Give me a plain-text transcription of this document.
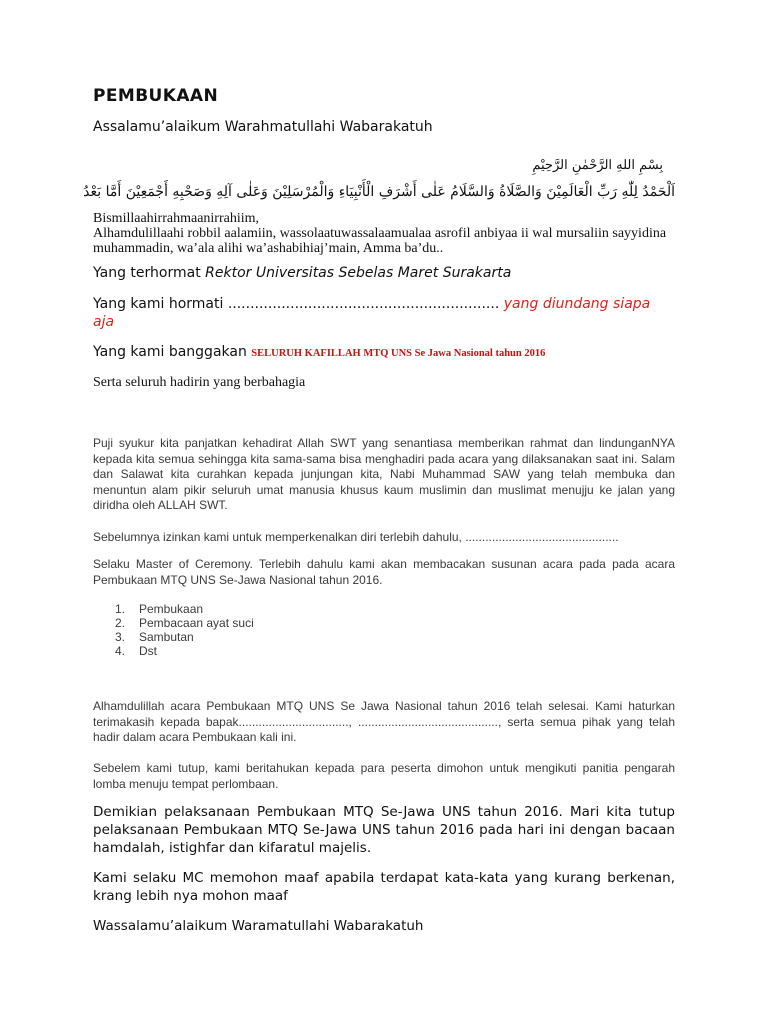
PEMBUKAAN

Assalamu’alaikum Warahmatullahi Wabarakatuh

بِسْمِ اللهِ الرَّحْمٰنِ الرَّحِيْمِ

اَلْحَمْدُ لِلّٰهِ رَبِّ الْعَالَمِيْنَ وَالصَّلَاةُ وَالسَّلَامُ عَلٰى أَشْرَفِ الْأَنْبِيَاءِ وَالْمُرْسَلِيْنَ وَعَلٰى آلِهِ وَصَحْبِهِ أَجْمَعِيْنَ أَمَّا بَعْدُ

Bismillaahirrahmaanirrahiim,
Alhamdulillaahi robbil aalamiin, wassolaatuwassalaamualaa asrofil anbiyaa ii wal mursaliin sayyidina
muhammadin, wa’ala alihi wa’ashabihiaj’main, Amma ba’du..

Yang terhormat Rektor Universitas Sebelas Maret Surakarta

Yang kami hormati ............................................................. yang diundang siapa
aja

Yang kami banggakan SELURUH KAFILLAH MTQ UNS Se Jawa Nasional tahun 2016

Serta seluruh hadirin yang berbahagia

Puji syukur kita panjatkan kehadirat Allah SWT yang senantiasa memberikan rahmat dan lindunganNYA kepada kita semua sehingga kita sama-sama bisa menghadiri pada acara yang dilaksanakan saat ini. Salam dan Salawat kita curahkan kepada junjungan kita, Nabi Muhammad SAW yang telah membuka dan menuntun alam pikir seluruh umat manusia khusus kaum muslimin dan muslimat menujju ke jalan yang diridha oleh ALLAH SWT.

Sebelumnya izinkan kami untuk memperkenalkan diri terlebih dahulu, ..............................................

Selaku Master of Ceremony. Terlebih dahulu kami akan membacakan susunan acara pada pada acara Pembukaan MTQ UNS Se-Jawa Nasional tahun 2016.

1. Pembukaan
2. Pembacaan ayat suci
3. Sambutan
4. Dst

Alhamdulillah acara Pembukaan MTQ UNS Se Jawa Nasional tahun 2016 telah selesai. Kami haturkan terimakasih kepada bapak................................., .........................................., serta semua pihak yang telah hadir dalam acara Pembukaan kali ini.

Sebelem kami tutup, kami beritahukan kepada para peserta dimohon untuk mengikuti panitia pengarah lomba menuju tempat perlombaan.

Demikian pelaksanaan Pembukaan MTQ Se-Jawa UNS tahun 2016. Mari kita tutup pelaksanaan Pembukaan MTQ Se-Jawa UNS tahun 2016 pada hari ini dengan bacaan hamdalah, istighfar dan kifaratul majelis.

Kami selaku MC memohon maaf apabila terdapat kata-kata yang kurang berkenan, krang lebih nya mohon maaf

Wassalamu’alaikum Waramatullahi Wabarakatuh
